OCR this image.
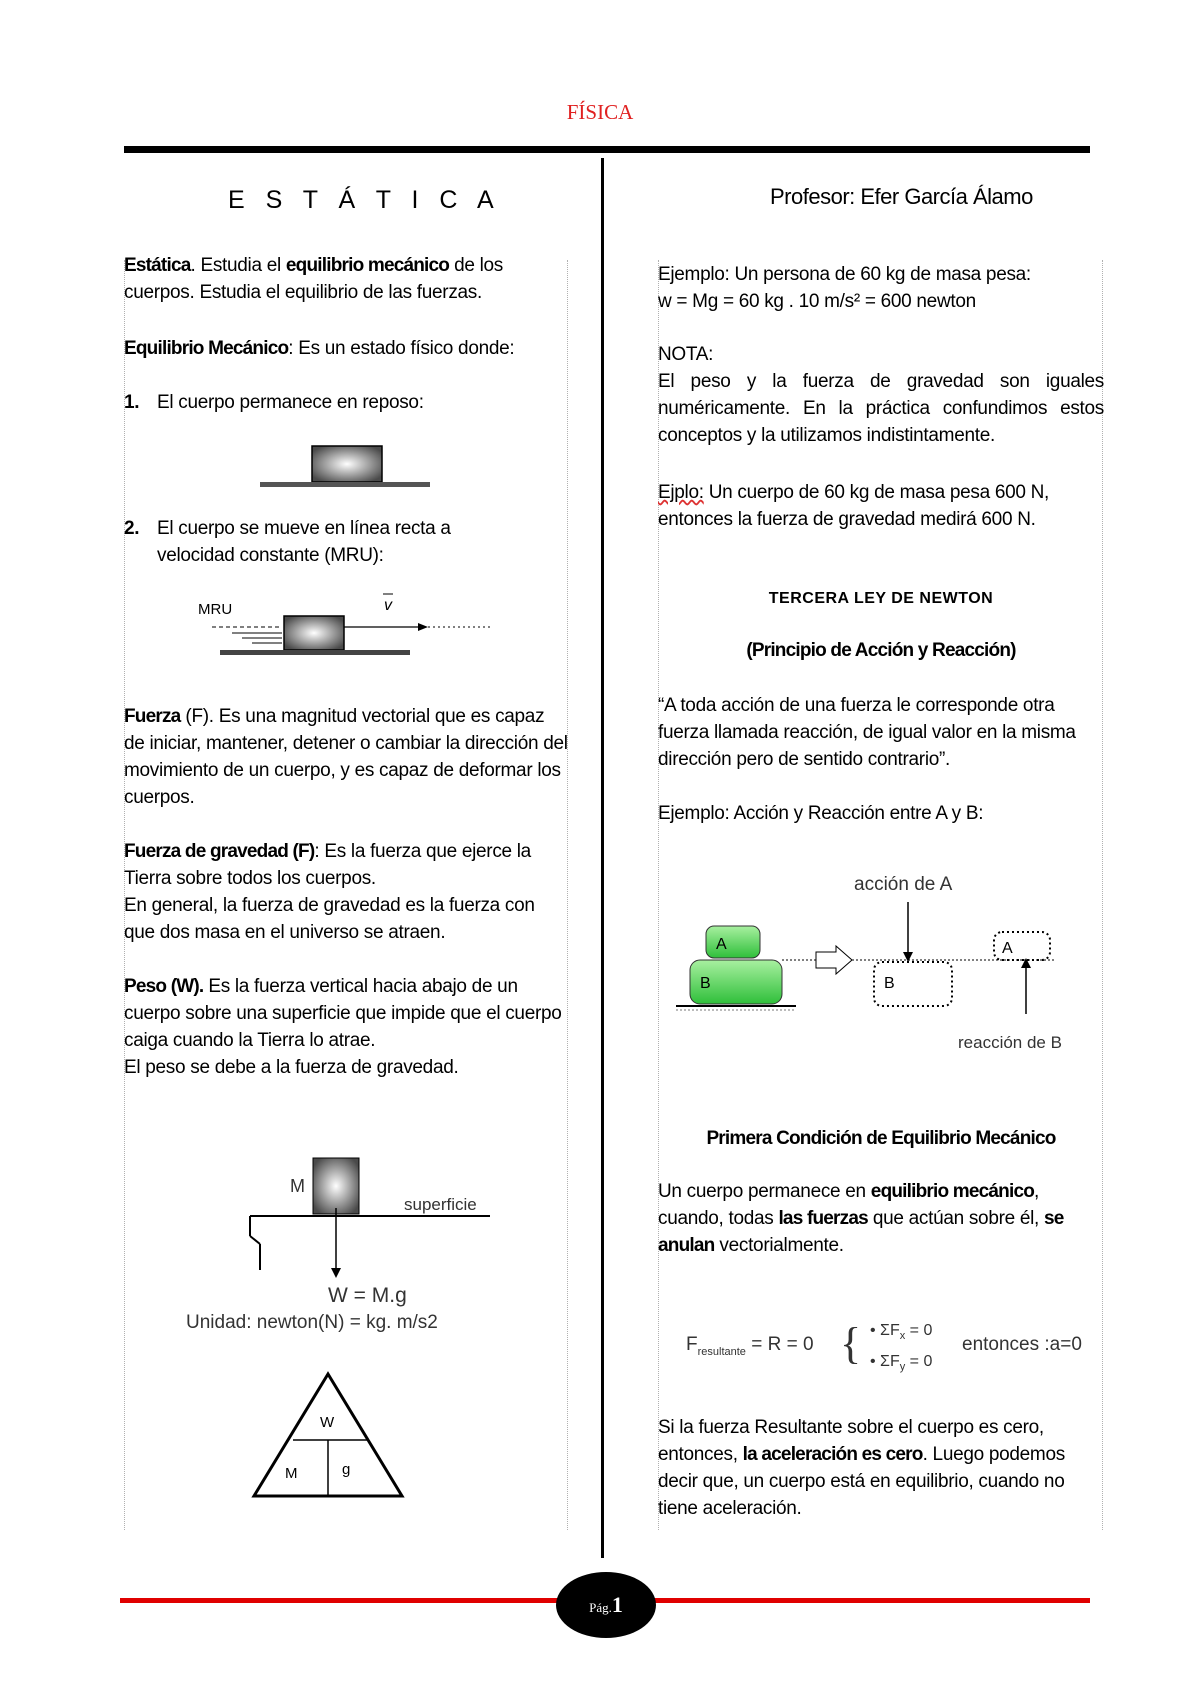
FÍSICA
E S T Á T I C A

Estática. Estudia el equilibrio mecánico de los cuerpos. Estudia el equilibrio de las fuerzas.

Equilibrio Mecánico: Es un estado físico donde:

1. El cuerpo permanece en reposo:

2. El cuerpo se mueve en línea recta a velocidad constante (MRU):

MRU	v

Fuerza (F). Es una magnitud vectorial que es capaz de iniciar, mantener, detener o cambiar la dirección del movimiento de un cuerpo, y es capaz de deformar los cuerpos.

Fuerza de gravedad (F): Es la fuerza que ejerce la Tierra sobre todos los cuerpos.

En general, la fuerza de gravedad es la fuerza con que dos masa en el universo se atraen.

Peso (W). Es la fuerza vertical hacia abajo de un cuerpo sobre una superficie que impide que el cuerpo caiga cuando la Tierra lo atrae.

El peso se debe a la fuerza de gravedad.

M
superficie
W = M.g
Unidad: newton(N) = kg. m/s2
W
M	g
Profesor: Efer García Álamo

Ejemplo: Un persona de 60 kg de masa pesa:

w = Mg = 60 kg . 10 m/s² = 600 newton

NOTA:

El peso y la fuerza de gravedad son iguales numéricamente. En la práctica confundimos estos conceptos y la utilizamos indistintamente.

Ejplo: Un cuerpo de 60 kg de masa pesa 600 N, entonces la fuerza de gravedad medirá 600 N.

TERCERA LEY DE NEWTON
(Principio de Acción y Reacción)
“A toda acción de una fuerza le corresponde otra fuerza llamada reacción, de igual valor en la misma dirección pero de sentido contrario”.
Ejemplo: Acción y Reacción entre A y B:
acción de A
A
B	B
A
reacción de B
Primera Condición de Equilibrio Mecánico

Un cuerpo permanece en equilibrio mecánico, cuando, todas las fuerzas que actúan sobre él, se anulan vectorialmente.

$F_{resultante} = R = 0$ { • $\Sigma F_x = 0$
• $\Sigma F_y = 0$
entonces :a=0

Si la fuerza Resultante sobre el cuerpo es cero, entonces, la aceleración es cero. Luego podemos decir que, un cuerpo está en equilibrio, cuando no tiene aceleración.

Pág.1
